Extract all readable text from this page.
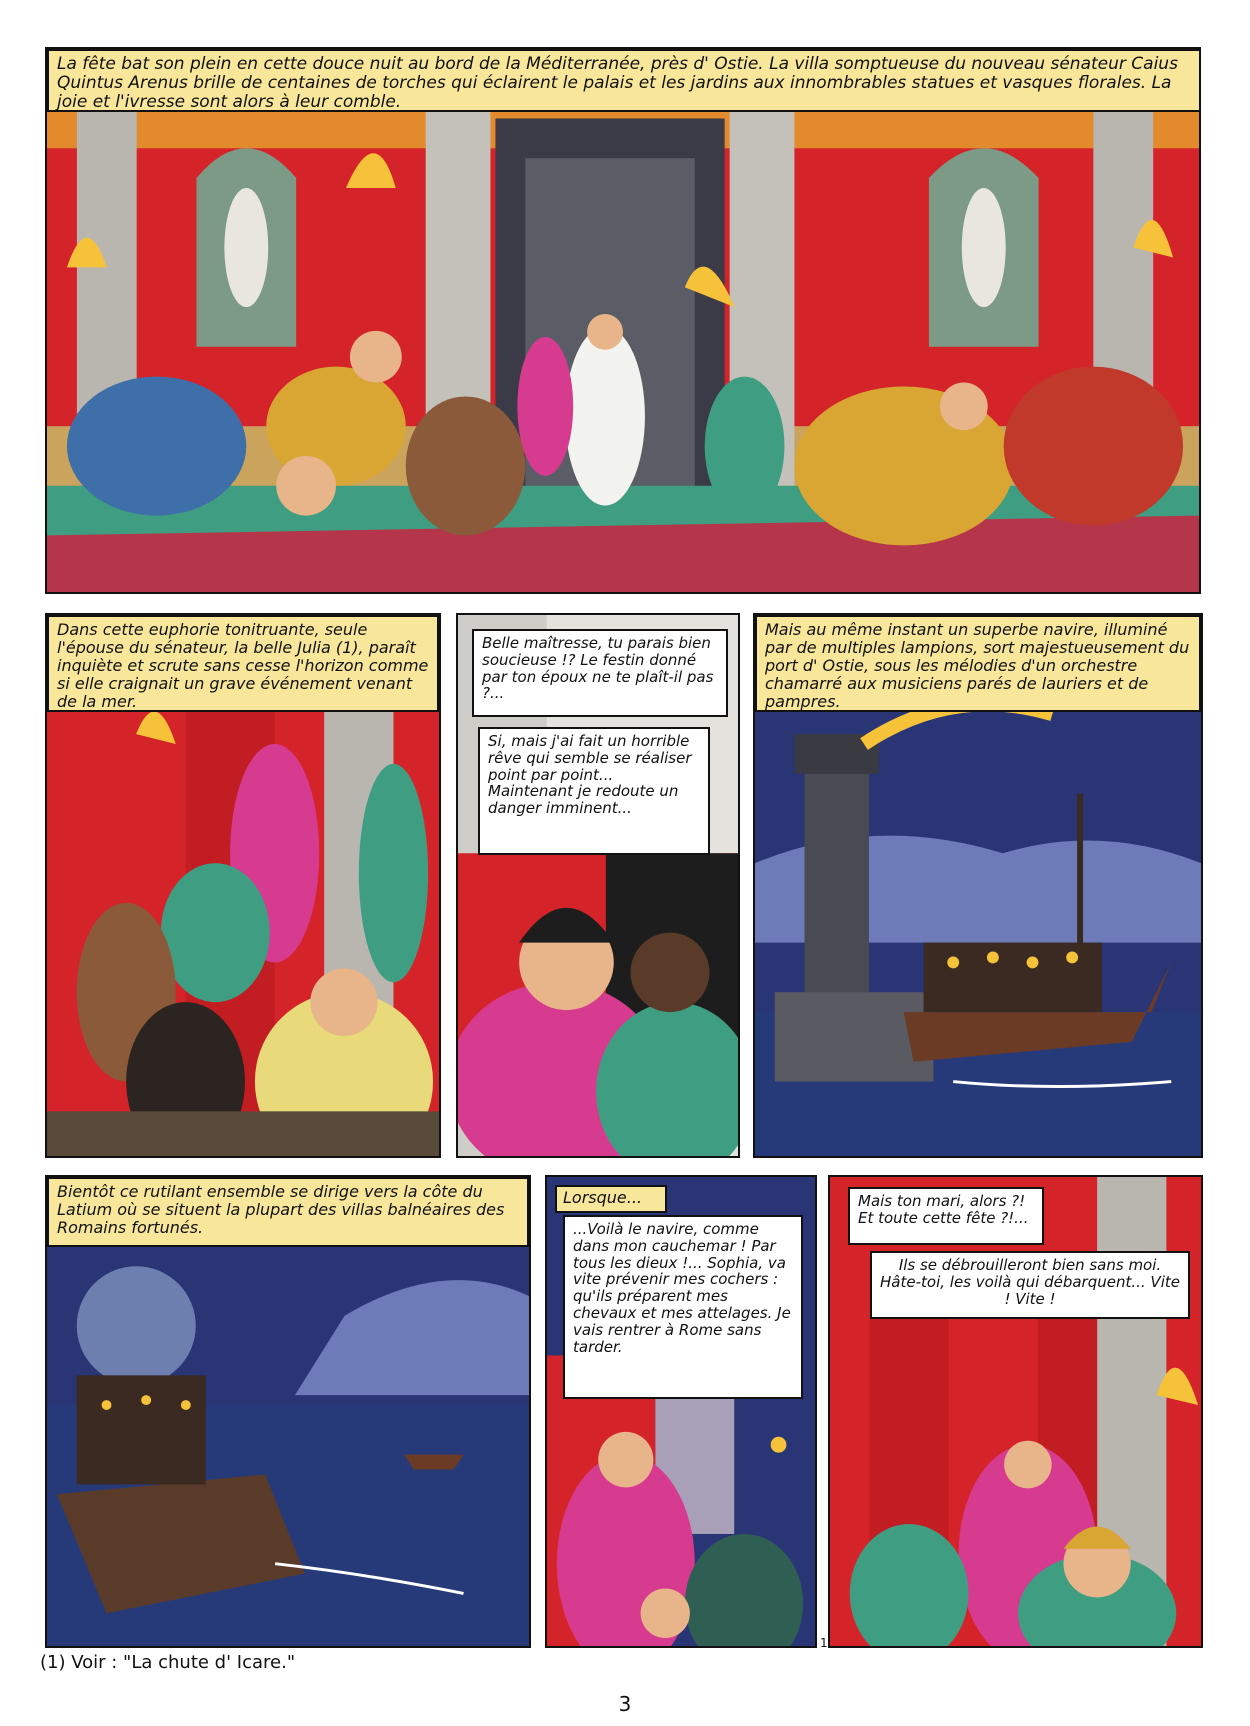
La fête bat son plein en cette douce nuit au bord de la Méditerranée, près d' Ostie. La villa somptueuse du nouveau sénateur Caius Quintus Arenus brille de centaines de torches qui éclairent le palais et les jardins aux innombrables statues et vasques florales. La joie et l'ivresse sont alors à leur comble.
Dans cette euphorie tonitruante, seule l'épouse du sénateur, la belle Julia (1), paraît inquiète et scrute sans cesse l'horizon comme si elle craignait un grave événement venant de la mer.
Belle maîtresse, tu parais bien soucieuse !? Le festin donné par ton époux ne te plaît-il pas ?...
Si, mais j'ai fait un horrible rêve qui semble se réaliser point par point... Maintenant je redoute un danger imminent...
Mais au même instant un superbe navire, illuminé par de multiples lampions, sort majestueusement du port d' Ostie, sous les mélodies d'un orchestre chamarré aux musiciens parés de lauriers et de pampres.
Bientôt ce rutilant ensemble se dirige vers la côte du Latium où se situent la plupart des villas balnéaires des Romains fortunés.
Lorsque...
...Voilà le navire, comme dans mon cauchemar ! Par tous les dieux !... Sophia, va vite prévenir mes cochers : qu'ils préparent mes chevaux et mes attelages. Je vais rentrer à Rome sans tarder.
Mais ton mari, alors ?! Et toute cette fête ?!...
Ils se débrouilleront bien sans moi. Hâte-toi, les voilà qui débarquent... Vite ! Vite !
1
(1) Voir : "La chute d' Icare."
3
